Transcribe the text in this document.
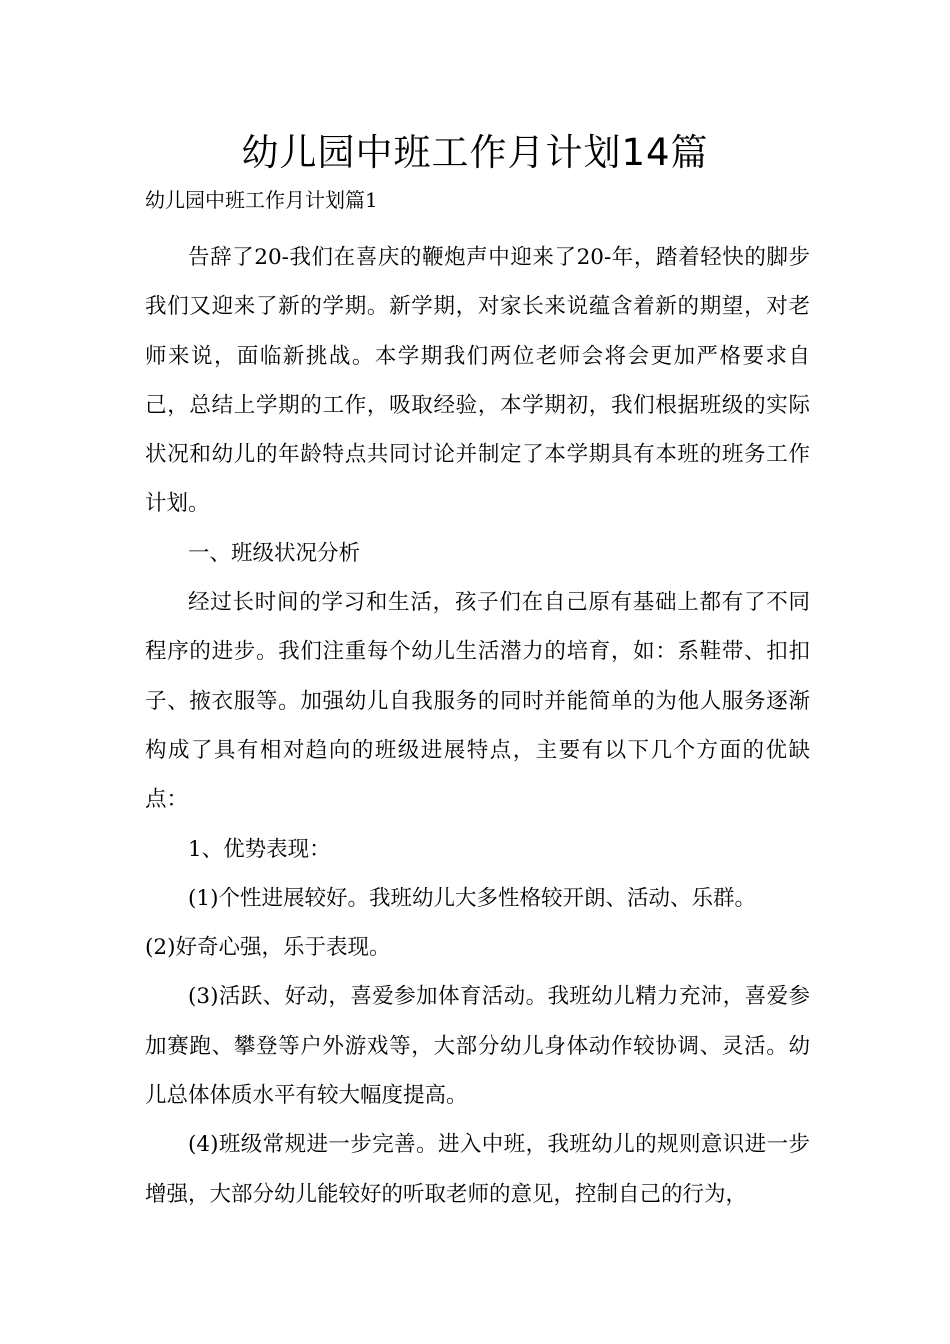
幼儿园中班工作月计划14篇

幼儿园中班工作月计划篇1

告辞了20-我们在喜庆的鞭炮声中迎来了20-年，踏着轻快的脚步我们又迎来了新的学期。新学期，对家长来说蕴含着新的期望，对老师来说，面临新挑战。本学期我们两位老师会将会更加严格要求自己，总结上学期的工作，吸取经验，本学期初，我们根据班级的实际状况和幼儿的年龄特点共同讨论并制定了本学期具有本班的班务工作计划。

一、班级状况分析

经过长时间的学习和生活，孩子们在自己原有基础上都有了不同程序的进步。我们注重每个幼儿生活潜力的培育，如：系鞋带、扣扣子、掖衣服等。加强幼儿自我服务的同时并能简单的为他人服务逐渐构成了具有相对趋向的班级进展特点，主要有以下几个方面的优缺点：

1、优势表现：

(1)个性进展较好。我班幼儿大多性格较开朗、活动、乐群。

(2)好奇心强，乐于表现。

(3)活跃、好动，喜爱参加体育活动。我班幼儿精力充沛，喜爱参加赛跑、攀登等户外游戏等，大部分幼儿身体动作较协调、灵活。幼儿总体体质水平有较大幅度提高。

(4)班级常规进一步完善。进入中班，我班幼儿的规则意识进一步增强，大部分幼儿能较好的听取老师的意见，控制自己的行为，
